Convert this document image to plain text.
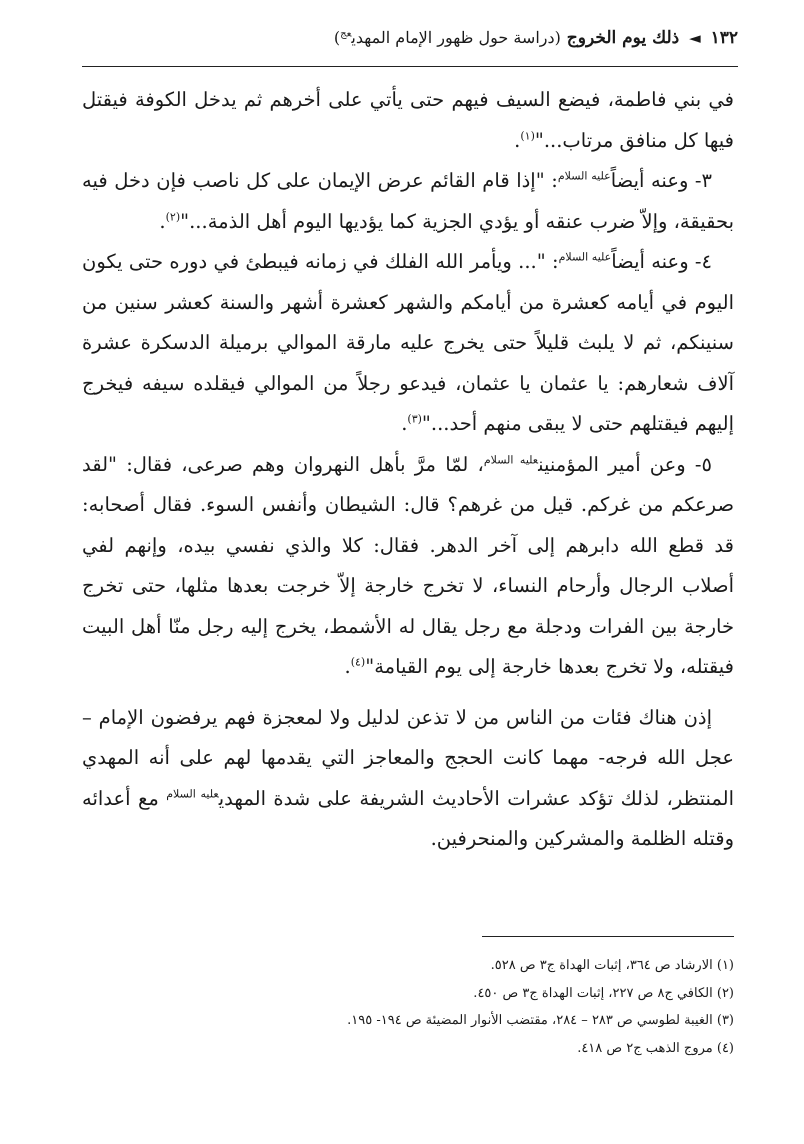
١٣٢ ◄ ذلك يوم الخروج (دراسة حول ظهور الإمام المهدي$^{عج}$)

في بني فاطمة، فيضع السيف فيهم حتى يأتي على أخرهم ثم يدخل الكوفة فيقتل فيها كل منافق مرتاب..."$^{(١)}$.

٣- وعنه أيضاً$^{عليه السلام}$: "إذا قام القائم عرض الإيمان على كل ناصب فإن دخل فيه بحقيقة، وإلاّ ضرب عنقه أو يؤدي الجزية كما يؤديها اليوم أهل الذمة..."$^{(٢)}$.

٤- وعنه أيضاً$^{عليه السلام}$: "... ويأمر الله الفلك في زمانه فيبطئ في دوره حتى يكون اليوم في أيامه كعشرة من أيامكم والشهر كعشرة أشهر والسنة كعشر سنين من سنينكم، ثم لا يلبث قليلاً حتى يخرج عليه مارقة الموالي برميلة الدسكرة عشرة آلاف شعارهم: يا عثمان يا عثمان، فيدعو رجلاً من الموالي فيقلده سيفه فيخرج إليهم فيقتلهم حتى لا يبقى منهم أحد..."$^{(٣)}$.

٥- وعن أمير المؤمنين$^{عليه السلام}$، لمّا مرَّ بأهل النهروان وهم صرعى، فقال: "لقد صرعكم من غركم. قيل من غرهم؟ قال: الشيطان وأنفس السوء. فقال أصحابه: قد قطع الله دابرهم إلى آخر الدهر. فقال: كلا والذي نفسي بيده، وإنهم لفي أصلاب الرجال وأرحام النساء، لا تخرج خارجة إلاّ خرجت بعدها مثلها، حتى تخرج خارجة بين الفرات ودجلة مع رجل يقال له الأشمط، يخرج إليه رجل منّا أهل البيت فيقتله، ولا تخرج بعدها خارجة إلى يوم القيامة"$^{(٤)}$.

إذن هناك فئات من الناس من لا تذعن لدليل ولا لمعجزة فهم يرفضون الإمام – عجل الله فرجه- مهما كانت الحجج والمعاجز التي يقدمها لهم على أنه المهدي المنتظر، لذلك تؤكد عشرات الأحاديث الشريفة على شدة المهدي$^{عليه السلام}$ مع أعدائه وقتله الظلمة والمشركين والمنحرفين.

(١) الارشاد ص ٣٦٤، إثبات الهداة ج٣ ص ٥٢٨.

(٢) الكافي ج٨ ص ٢٢٧، إثبات الهداة ج٣ ص ٤٥٠.

(٣) الغيبة لطوسي ص ٢٨٣ – ٢٨٤، مقتضب الأنوار المضيئة ص ١٩٤- ١٩٥.

(٤) مروج الذهب ج٢ ص ٤١٨.
